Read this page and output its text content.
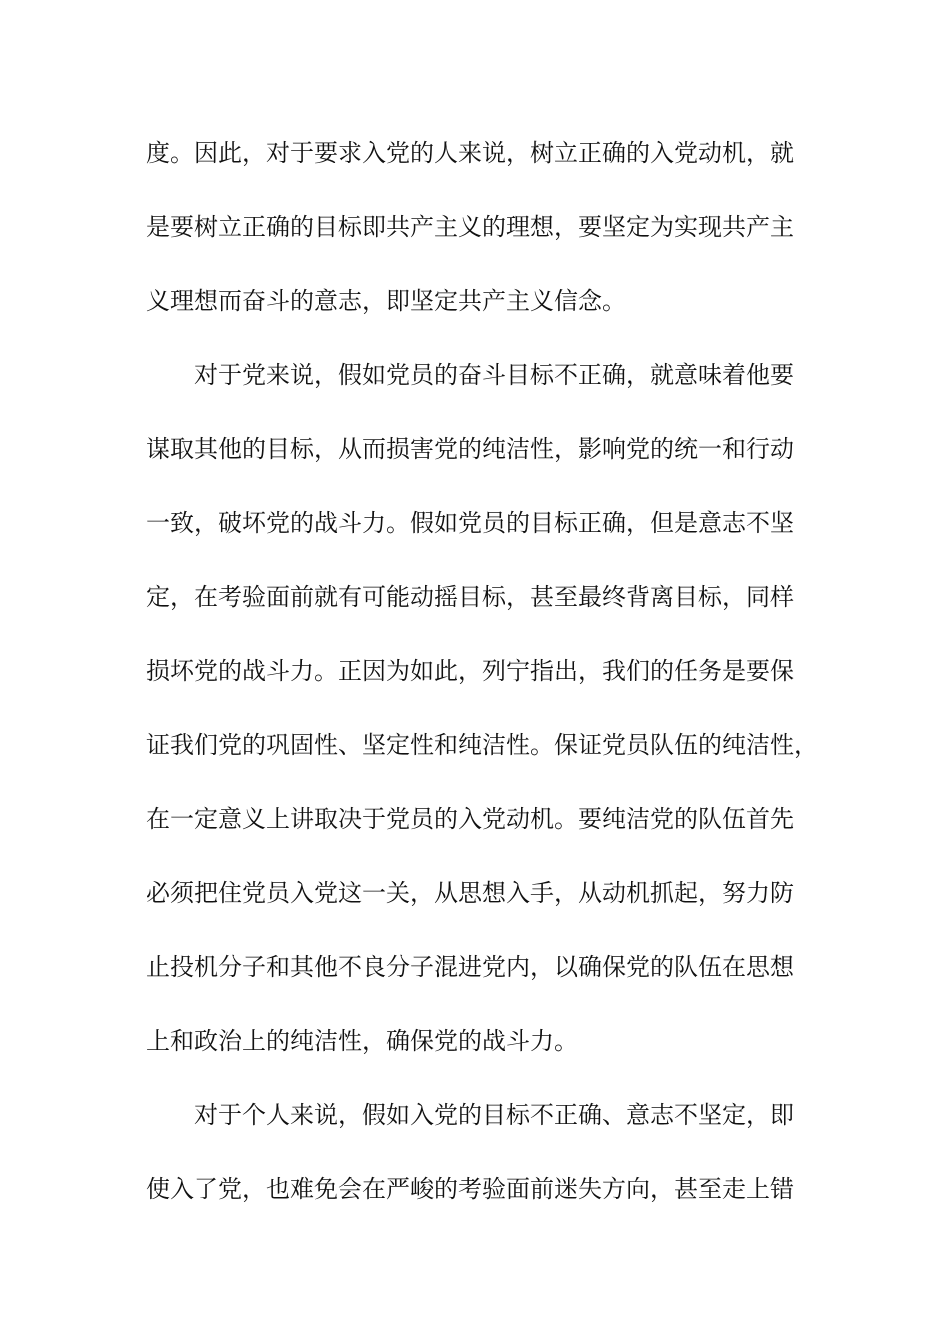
度。因此，对于要求入党的人来说，树立正确的入党动机，就
是要树立正确的目标即共产主义的理想，要坚定为实现共产主
义理想而奋斗的意志，即坚定共产主义信念。
对于党来说，假如党员的奋斗目标不正确，就意味着他要
谋取其他的目标，从而损害党的纯洁性，影响党的统一和行动
一致，破坏党的战斗力。假如党员的目标正确，但是意志不坚
定，在考验面前就有可能动摇目标，甚至最终背离目标，同样
损坏党的战斗力。正因为如此，列宁指出，我们的任务是要保
证我们党的巩固性、坚定性和纯洁性。保证党员队伍的纯洁性，
在一定意义上讲取决于党员的入党动机。要纯洁党的队伍首先
必须把住党员入党这一关，从思想入手，从动机抓起，努力防
止投机分子和其他不良分子混进党内，以确保党的队伍在思想
上和政治上的纯洁性，确保党的战斗力。
对于个人来说，假如入党的目标不正确、意志不坚定，即
使入了党，也难免会在严峻的考验面前迷失方向，甚至走上错
